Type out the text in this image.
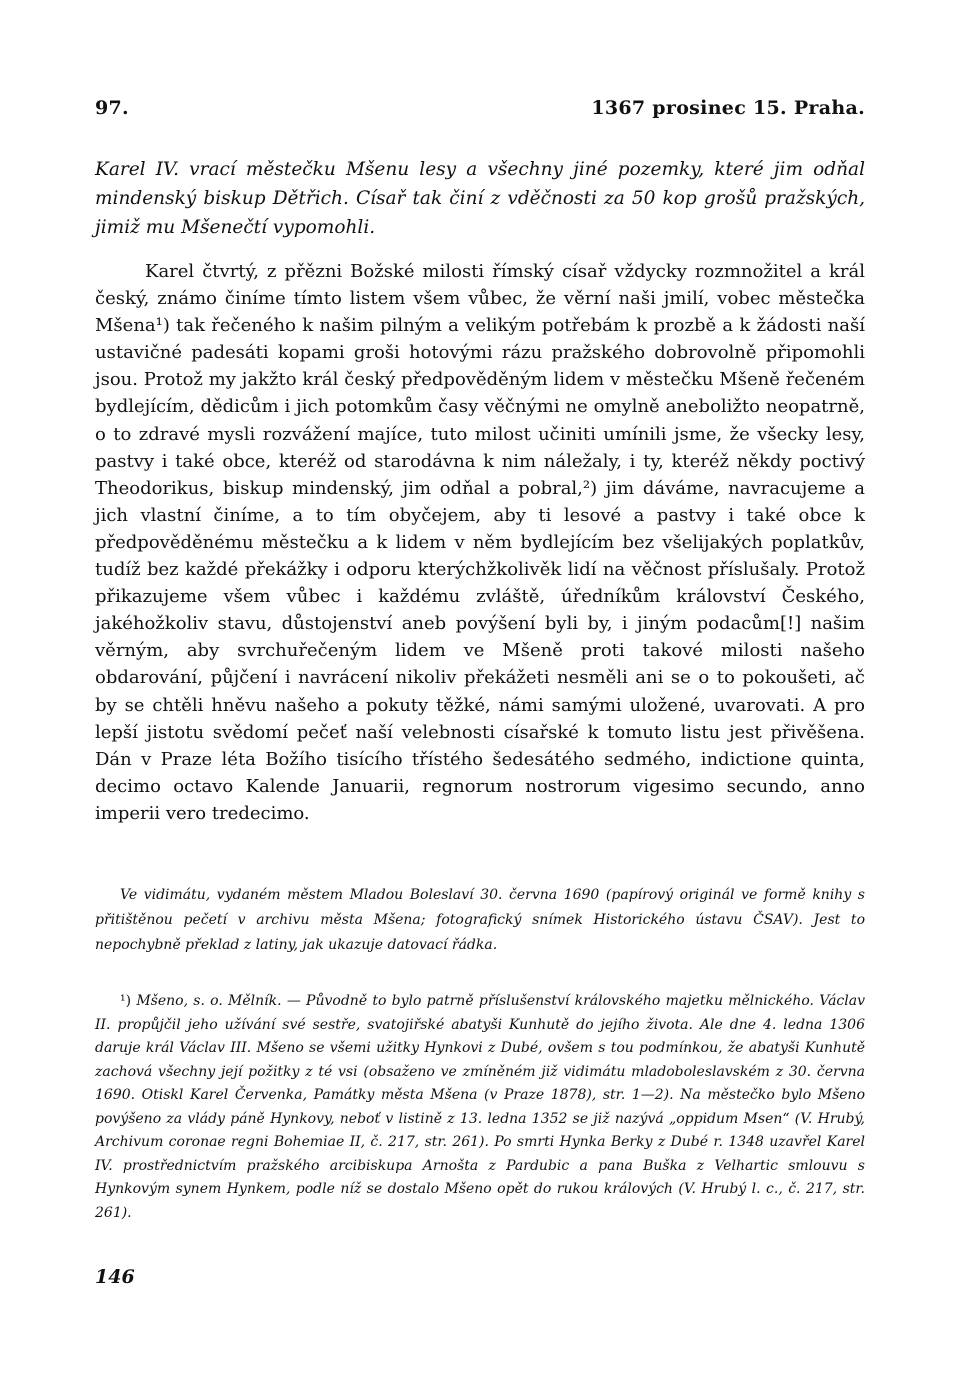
97.	1367 prosinec 15. Praha.

Karel IV. vrací městečku Mšenu lesy a všechny jiné pozemky, které jim odňal mindenský biskup Dětřich. Císař tak činí z vděčnosti za 50 kop grošů pražských, jimiž mu Mšenečtí vypomohli.

Karel čtvrtý, z přězni Božské milosti římský císař vždycky rozmnožitel a král český, známo činíme tímto listem všem vůbec, že věrní naši jmilí, vobec městečka Mšena¹) tak řečeného k našim pilným a velikým potřebám k prozbě a k žádosti naší ustavičné padesáti kopami groši hotovými rázu pražského dobrovolně připomohli jsou. Protož my jakžto král český předpověděným lidem v městečku Mšeně řečeném bydlejícím, dědicům i jich potomkům časy věčnými ne omylně aneboližto neopatrně, o to zdravé mysli rozvážení majíce, tuto milost učiniti umínili jsme, že všecky lesy, pastvy i také obce, kteréž od starodávna k nim náležaly, i ty, kteréž někdy poctivý Theodorikus, biskup mindenský, jim odňal a pobral,²) jim dáváme, navracujeme a jich vlastní činíme, a to tím obyčejem, aby ti lesové a pastvy i také obce k předpověděnému městečku a k lidem v něm bydlejícím bez všelijakých poplatkův, tudíž bez každé překážky i odporu kterýchžkolivěk lidí na věčnost příslušaly. Protož přikazujeme všem vůbec i každému zvláště, úředníkům království Českého, jakéhožkoliv stavu, důstojenství aneb povýšení byli by, i jiným podacům[!] našim věrným, aby svrchuřečeným lidem ve Mšeně proti takové milosti našeho obdarování, půjčení i navrácení nikoliv překážeti nesměli ani se o to pokoušeti, ač by se chtěli hněvu našeho a pokuty těžké, námi samými uložené, uvarovati. A pro lepší jistotu svědomí pečeť naší velebnosti císařské k tomuto listu jest přivěšena. Dán v Praze léta Božího tisícího třístého šedesátého sedmého, indictione quinta, decimo octavo Kalende Januarii, regnorum nostrorum vigesimo secundo, anno imperii vero tredecimo.

Ve vidimátu, vydaném městem Mladou Boleslaví 30. června 1690 (papírový originál ve formě knihy s přitištěnou pečetí v archivu města Mšena; fotografický snímek Historického ústavu ČSAV). Jest to nepochybně překlad z latiny, jak ukazuje datovací řádka.

¹) Mšeno, s. o. Mělník. — Původně to bylo patrně příslušenství královského majetku mělnického. Václav II. propůjčil jeho užívání své sestře, svatojiřské abatyši Kunhutě do jejího života. Ale dne 4. ledna 1306 daruje král Václav III. Mšeno se všemi užitky Hynkovi z Dubé, ovšem s tou podmínkou, že abatyši Kunhutě zachová všechny její požitky z té vsi (obsaženo ve zmíněném již vidimátu mladoboleslavském z 30. června 1690. Otiskl Karel Červenka, Památky města Mšena (v Praze 1878), str. 1—2). Na městečko bylo Mšeno povýšeno za vlády páně Hynkovy, neboť v listině z 13. ledna 1352 se již nazývá „oppidum Msen“ (V. Hrubý, Archivum coronae regni Bohemiae II, č. 217, str. 261). Po smrti Hynka Berky z Dubé r. 1348 uzavřel Karel IV. prostřednictvím pražského arcibiskupa Arnošta z Pardubic a pana Buška z Velhartic smlouvu s Hynkovým synem Hynkem, podle níž se dostalo Mšeno opět do rukou králových (V. Hrubý l. c., č. 217, str. 261).

146
